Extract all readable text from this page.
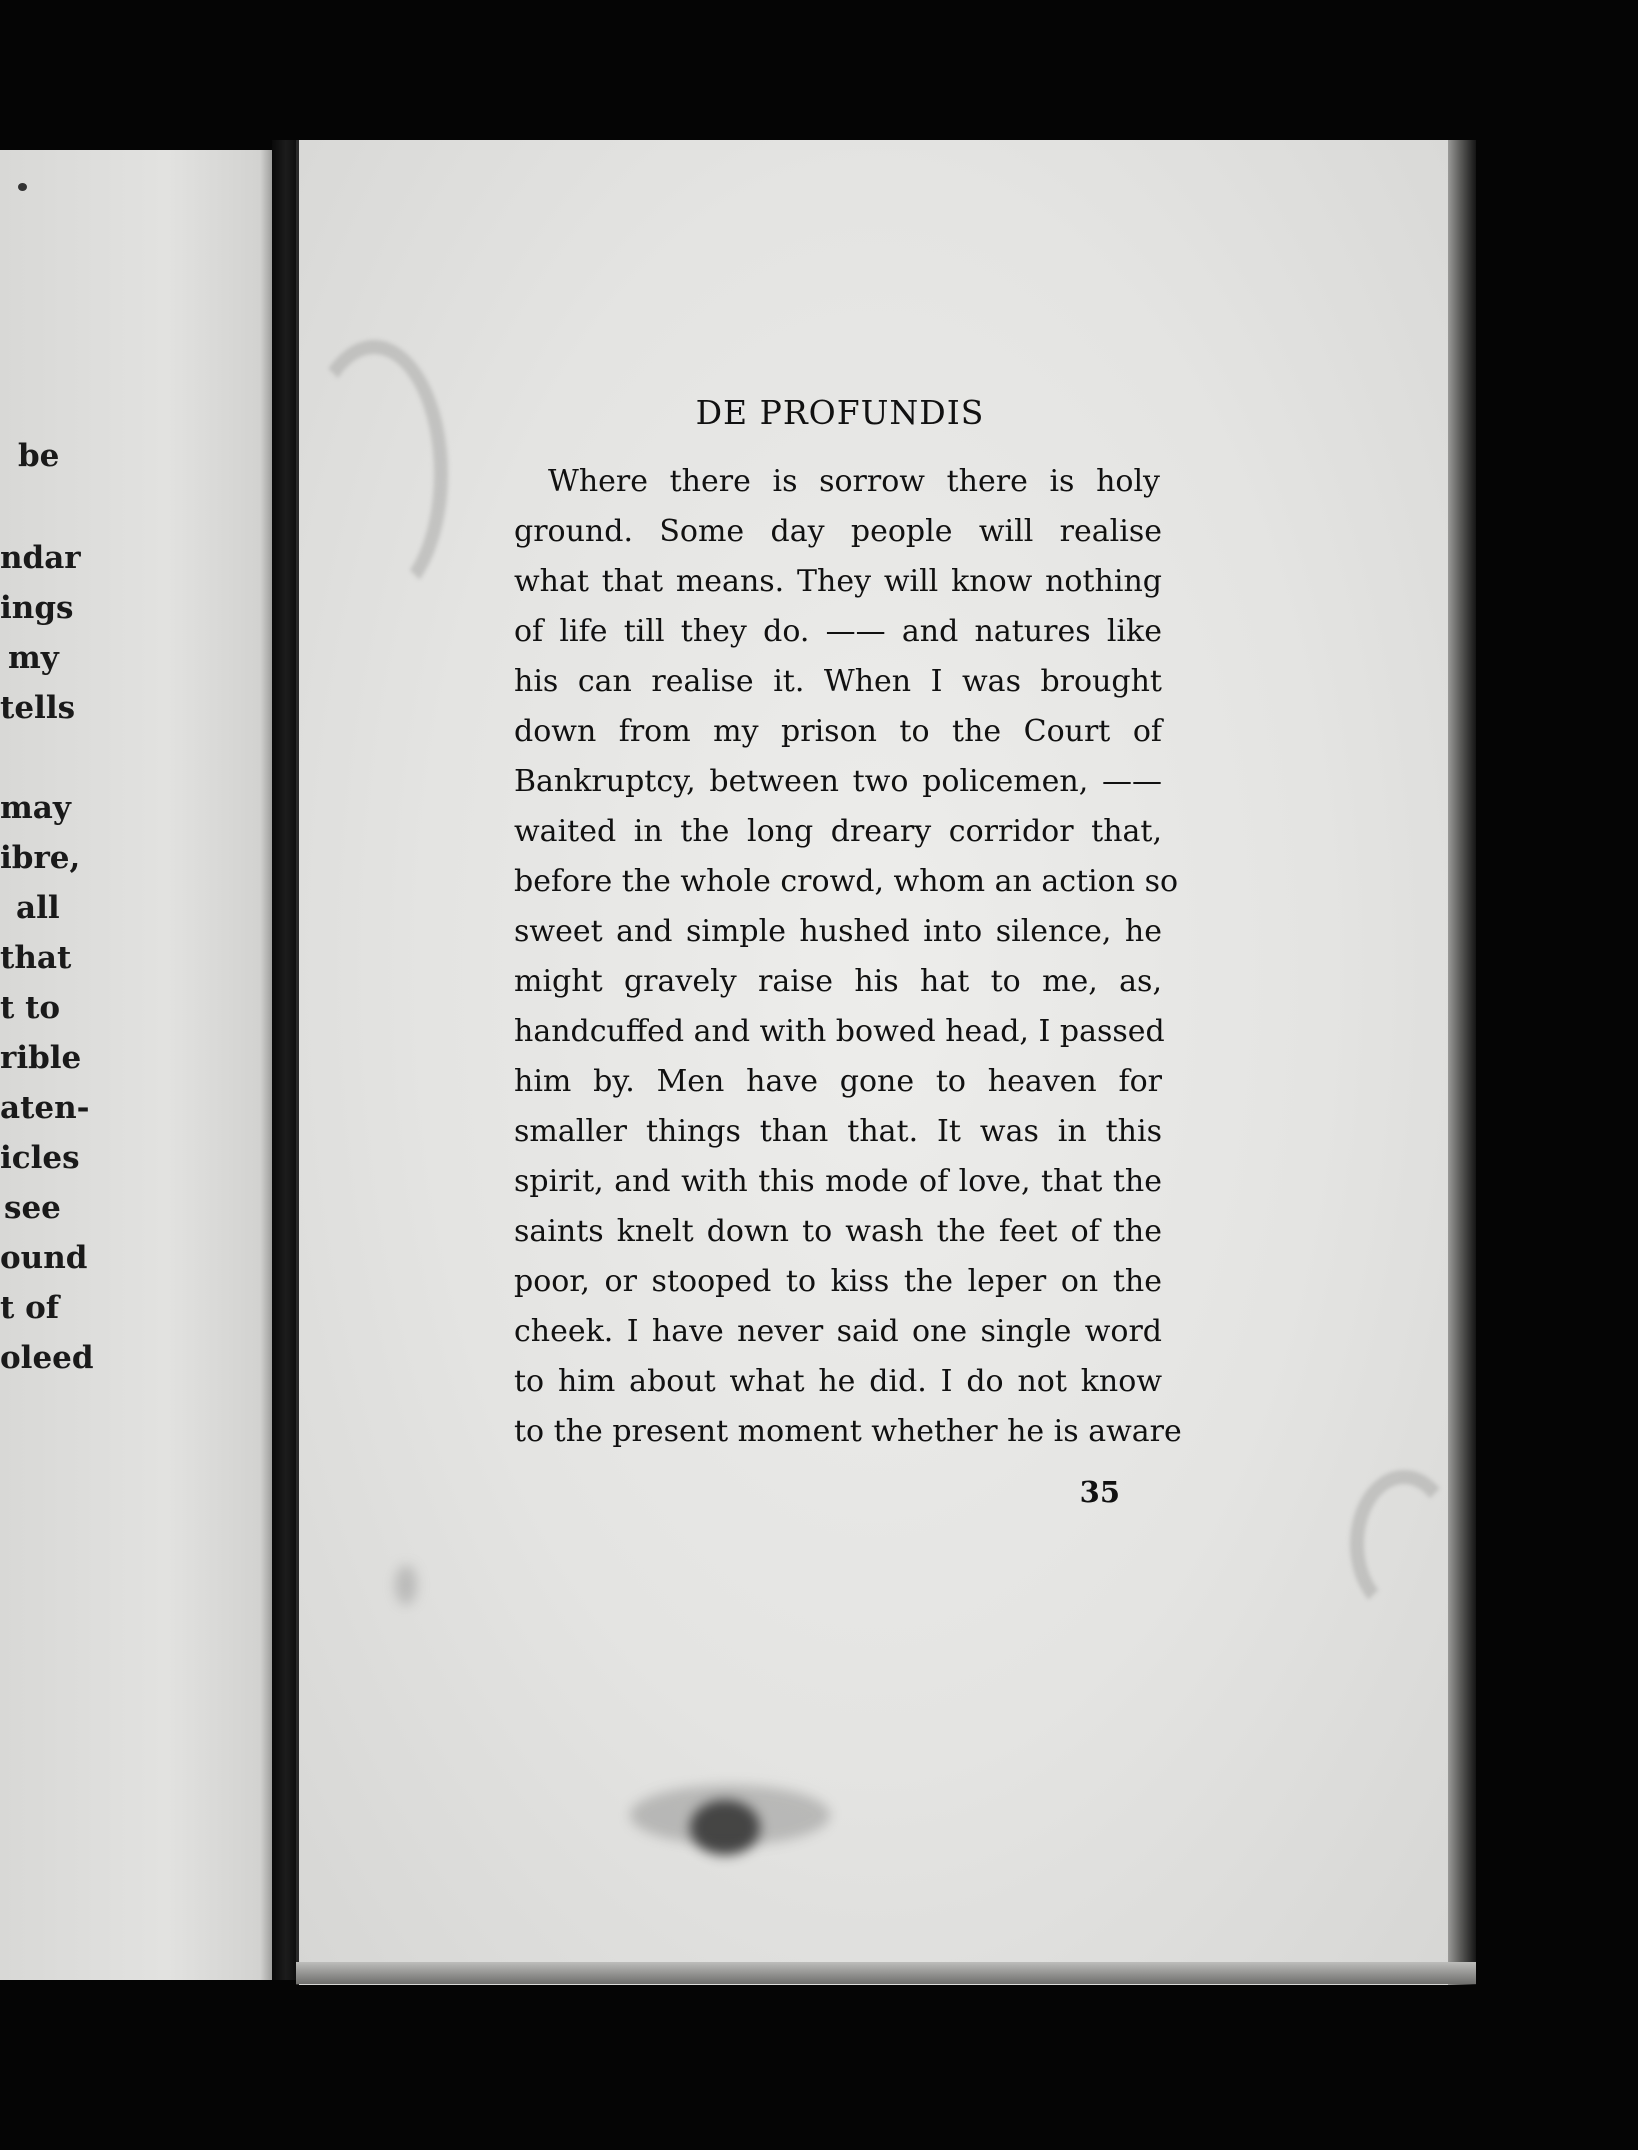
be
ndar
ings
my
tells
may
ibre,
all
that
t to
rible
aten-
icles
see
ound
t of
oleed
DE PROFUNDIS
Where there is sorrow there is holy
ground. Some day people will realise
what that means. They will know nothing
of life till they do. —— and natures like
his can realise it. When I was brought
down from my prison to the Court of
Bankruptcy, between two policemen, ——
waited in the long dreary corridor that,
before the whole crowd, whom an action so
sweet and simple hushed into silence, he
might gravely raise his hat to me, as,
handcuffed and with bowed head, I passed
him by. Men have gone to heaven for
smaller things than that. It was in this
spirit, and with this mode of love, that the
saints knelt down to wash the feet of the
poor, or stooped to kiss the leper on the
cheek. I have never said one single word
to him about what he did. I do not know
to the present moment whether he is aware
35
